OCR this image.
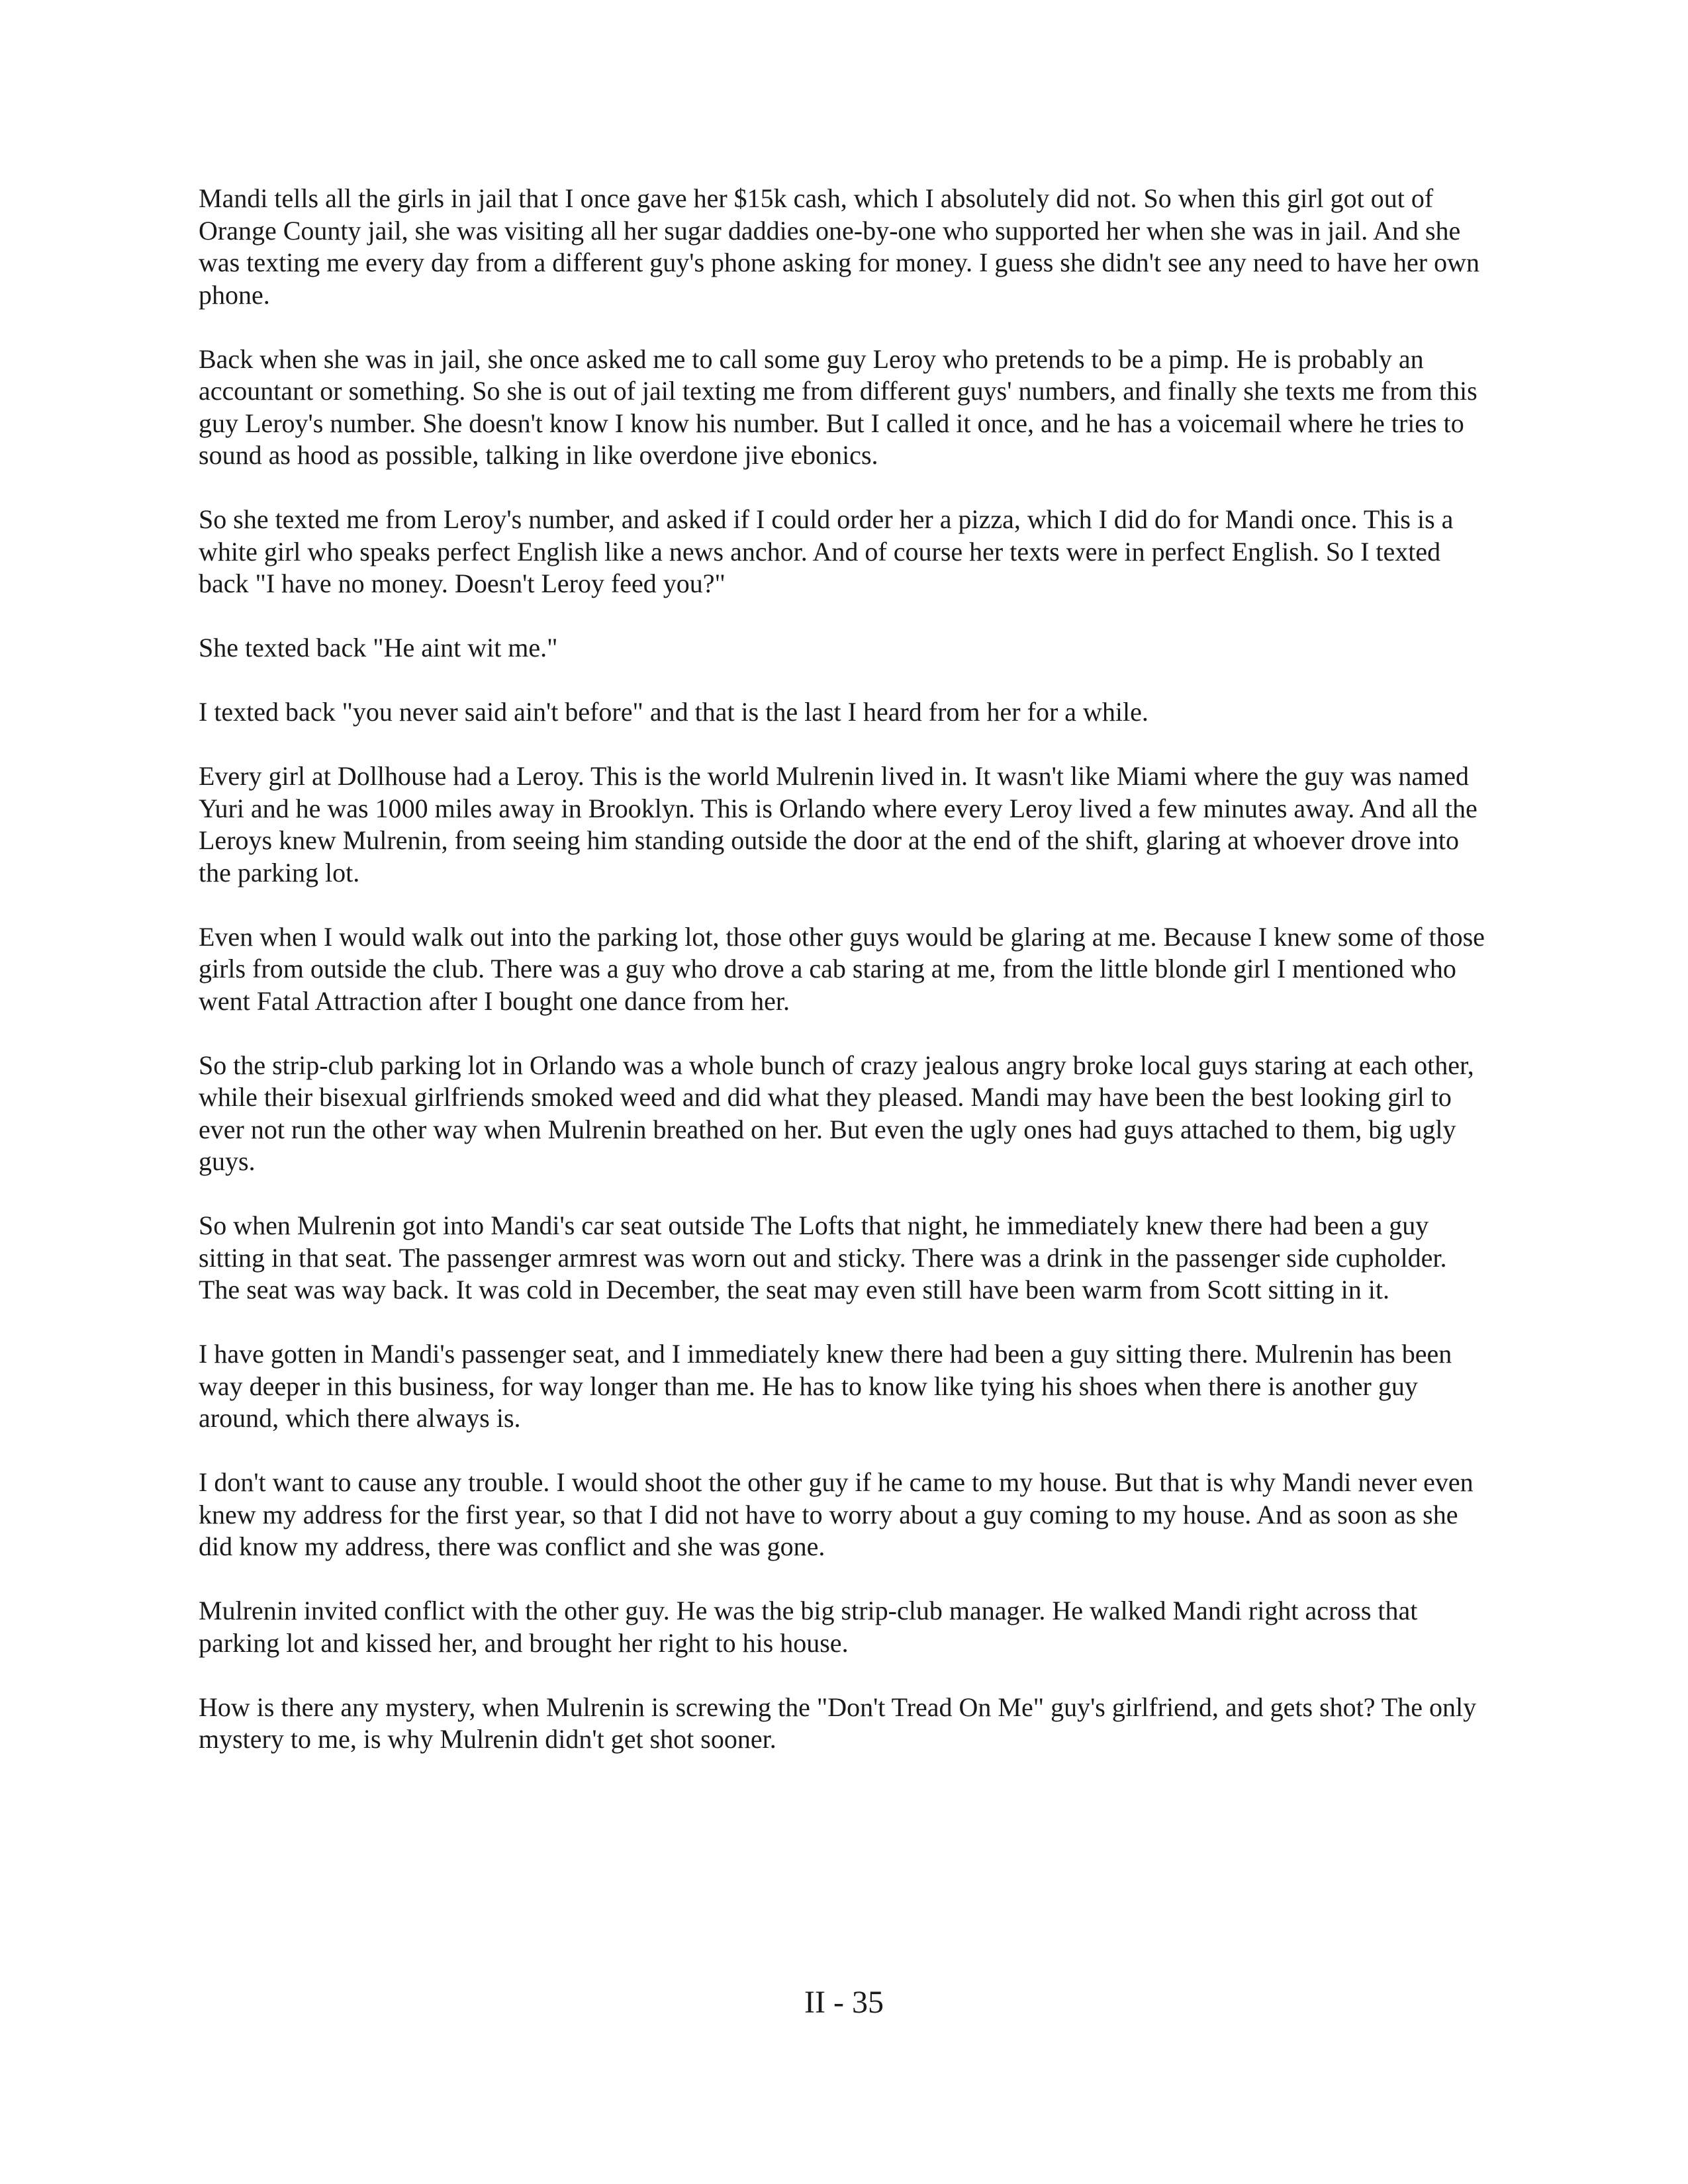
Mandi tells all the girls in jail that I once gave her $15k cash, which I absolutely did not. So when this girl got out of Orange County jail, she was visiting all her sugar daddies one-by-one who supported her when she was in jail. And she was texting me every day from a different guy's phone asking for money. I guess she didn't see any need to have her own phone.

Back when she was in jail, she once asked me to call some guy Leroy who pretends to be a pimp. He is probably an accountant or something. So she is out of jail texting me from different guys' numbers, and finally she texts me from this guy Leroy's number. She doesn't know I know his number. But I called it once, and he has a voicemail where he tries to sound as hood as possible, talking in like overdone jive ebonics.

So she texted me from Leroy's number, and asked if I could order her a pizza, which I did do for Mandi once. This is a white girl who speaks perfect English like a news anchor. And of course her texts were in perfect English. So I texted back "I have no money. Doesn't Leroy feed you?"

She texted back "He aint wit me."

I texted back "you never said ain't before" and that is the last I heard from her for a while.

Every girl at Dollhouse had a Leroy. This is the world Mulrenin lived in. It wasn't like Miami where the guy was named Yuri and he was 1000 miles away in Brooklyn. This is Orlando where every Leroy lived a few minutes away. And all the Leroys knew Mulrenin, from seeing him standing outside the door at the end of the shift, glaring at whoever drove into the parking lot.

Even when I would walk out into the parking lot, those other guys would be glaring at me. Because I knew some of those girls from outside the club. There was a guy who drove a cab staring at me, from the little blonde girl I mentioned who went Fatal Attraction after I bought one dance from her.

So the strip-club parking lot in Orlando was a whole bunch of crazy jealous angry broke local guys staring at each other, while their bisexual girlfriends smoked weed and did what they pleased. Mandi may have been the best looking girl to ever not run the other way when Mulrenin breathed on her. But even the ugly ones had guys attached to them, big ugly guys.

So when Mulrenin got into Mandi's car seat outside The Lofts that night, he immediately knew there had been a guy sitting in that seat. The passenger armrest was worn out and sticky. There was a drink in the passenger side cupholder. The seat was way back. It was cold in December, the seat may even still have been warm from Scott sitting in it.

I have gotten in Mandi's passenger seat, and I immediately knew there had been a guy sitting there. Mulrenin has been way deeper in this business, for way longer than me. He has to know like tying his shoes when there is another guy around, which there always is.

I don't want to cause any trouble. I would shoot the other guy if he came to my house. But that is why Mandi never even knew my address for the first year, so that I did not have to worry about a guy coming to my house. And as soon as she did know my address, there was conflict and she was gone.

Mulrenin invited conflict with the other guy. He was the big strip-club manager. He walked Mandi right across that parking lot and kissed her, and brought her right to his house.

How is there any mystery, when Mulrenin is screwing the "Don't Tread On Me" guy's girlfriend, and gets shot? The only mystery to me, is why Mulrenin didn't get shot sooner.

II - 35
